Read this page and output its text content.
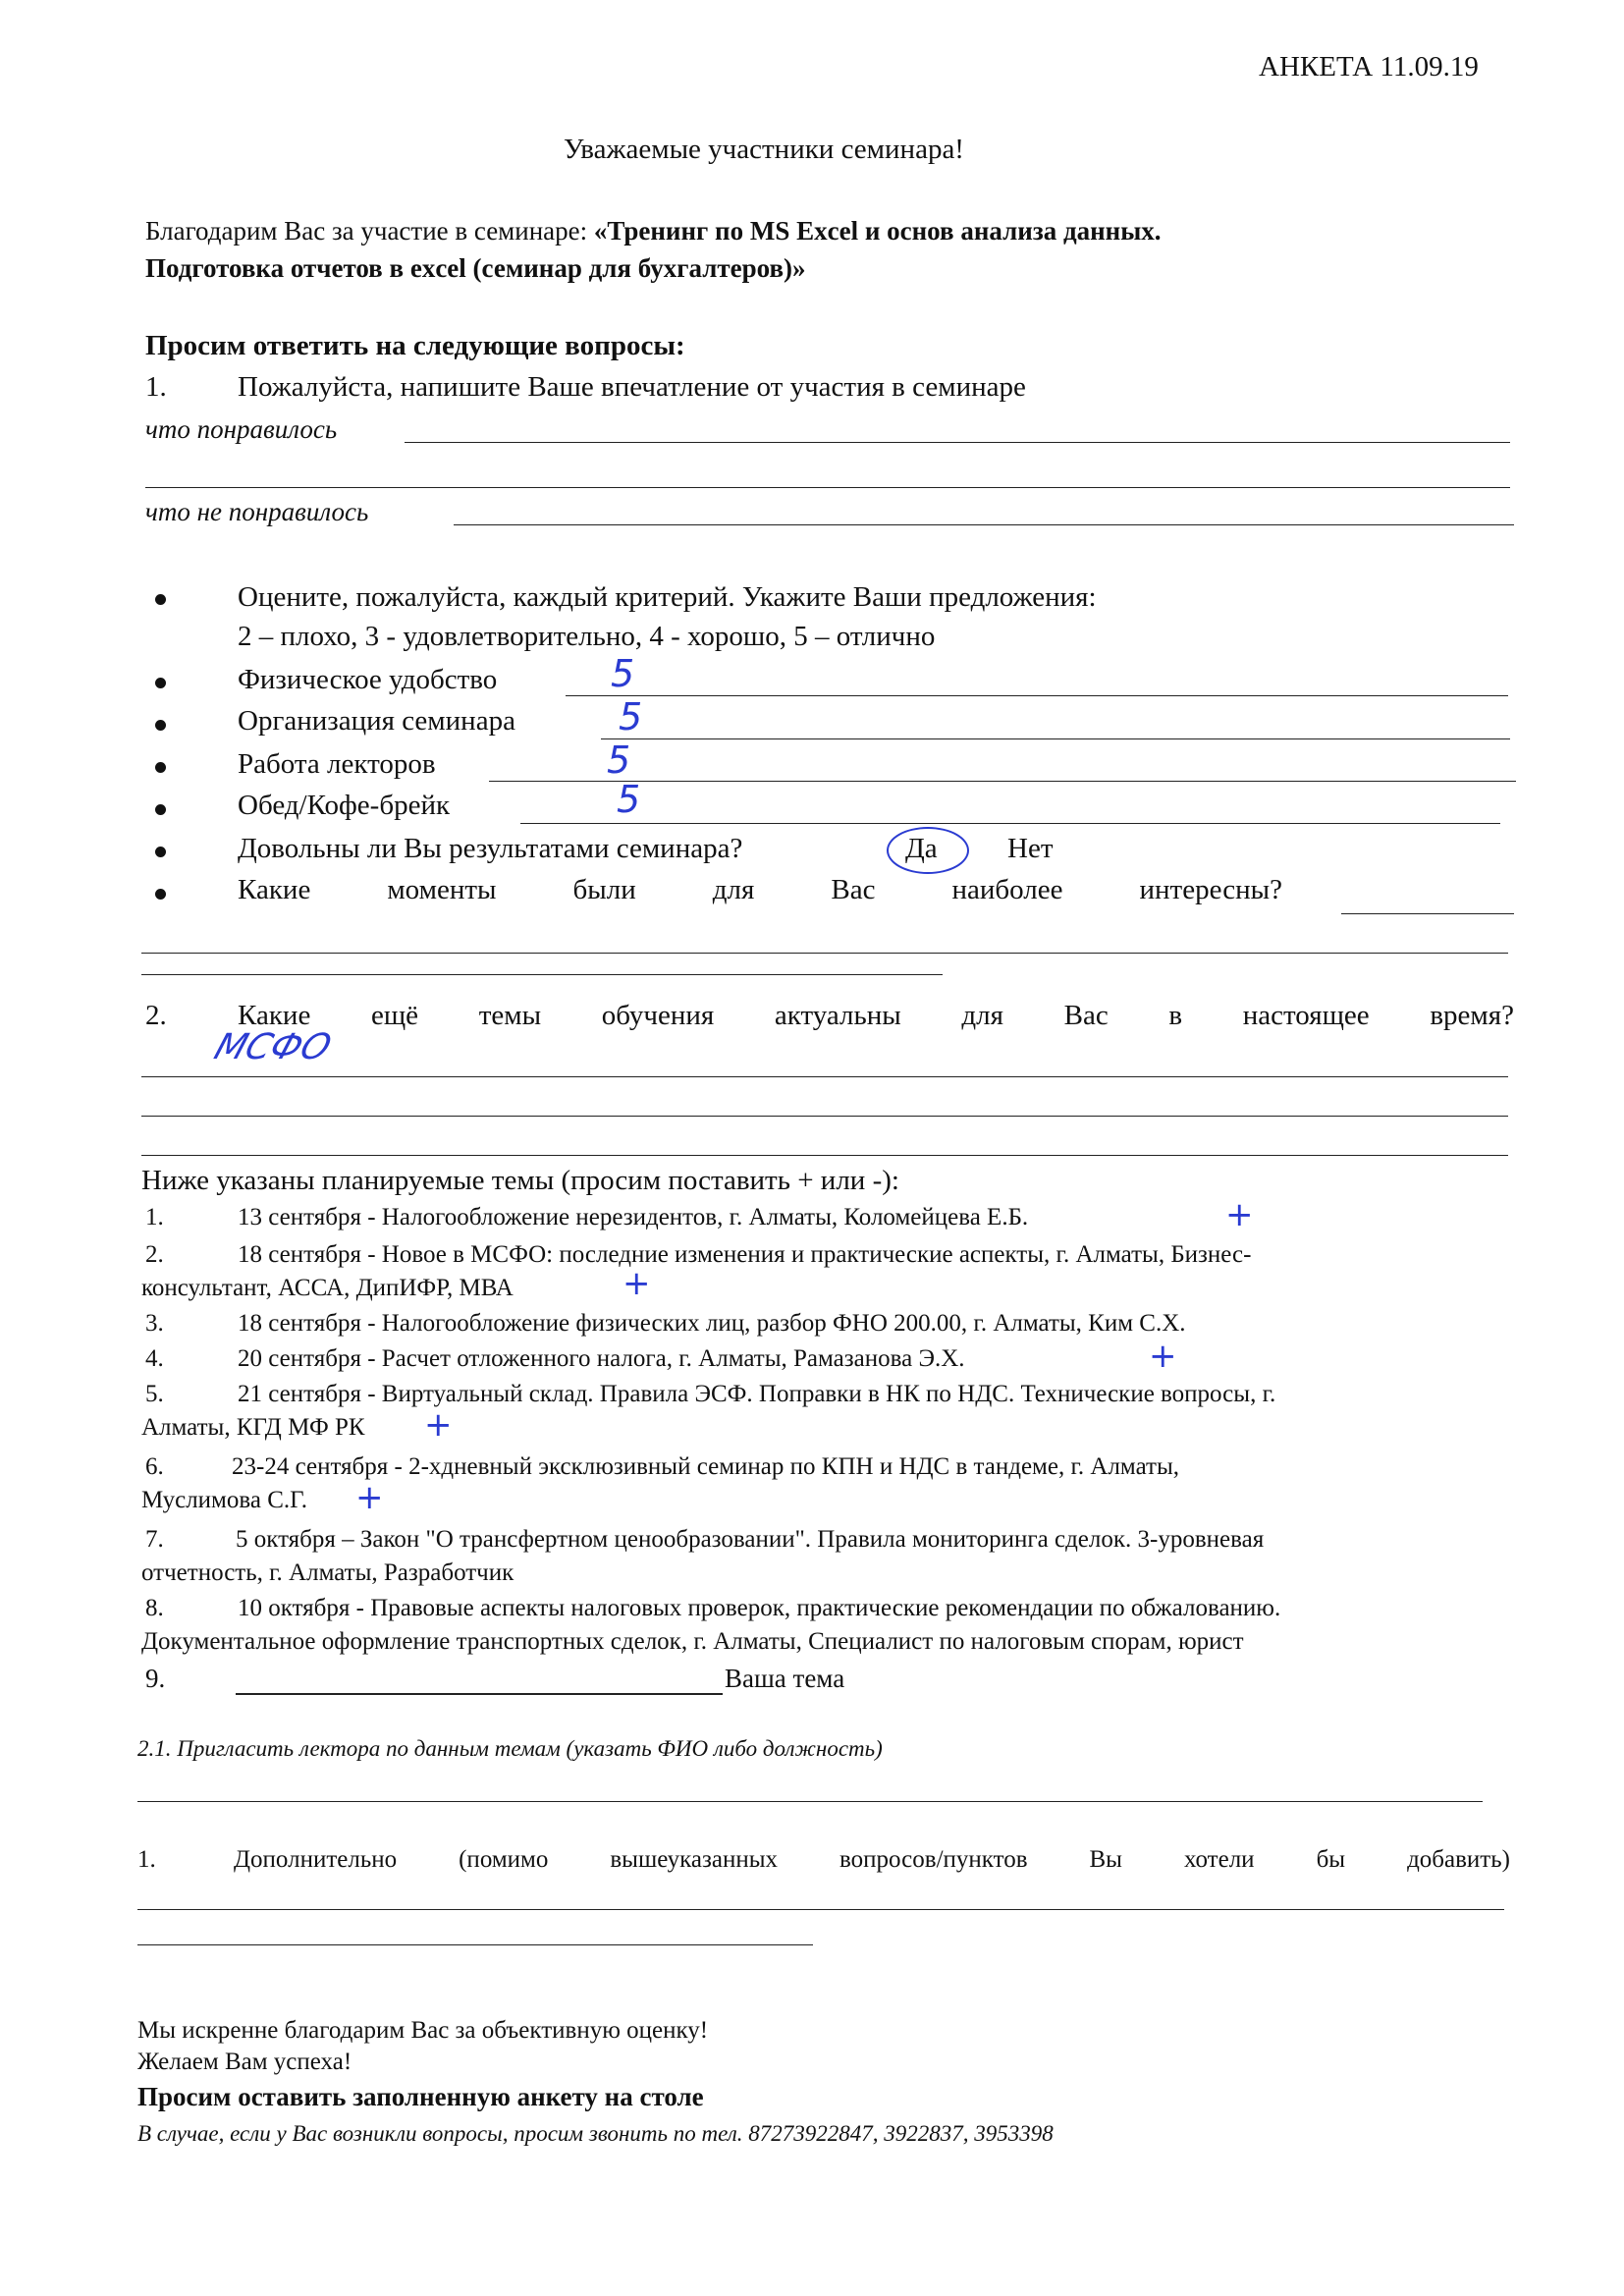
АНКЕТА 11.09.19
Уважаемые участники семинара!
Благодарим Вас за участие в семинаре: «Тренинг по MS Excel и основ анализа данных.
Подготовка отчетов в excel (семинар для бухгалтеров)»
Просим ответить на следующие вопросы:
1. Пожалуйста, напишите Ваше впечатление от участия в семинаре
что понравилось
что не понравилось
Оцените, пожалуйста, каждый критерий. Укажите Ваши предложения:
2 – плохо, 3 - удовлетворительно, 4 - хорошо, 5 – отлично
Физическое удобство	5
Организация семинара	5
Работа лекторов	5
Обед/Кофе-брейк	5
Довольны ли Вы результатами семинара?	Да Нет
Какие	моменты	были	для	Вас	наиболее	интересны?
2. Какие ещё темы обучения актуальны для Вас в настоящее время?
МСФО
Ниже указаны планируемые темы (просим поставить + или -):
1.	13 сентября - Налогообложение нерезидентов, г. Алматы, Коломейцева Е.Б.	+
2.	18 сентября - Новое в МСФО: последние изменения и практические аспекты, г. Алматы, Бизнес-
консультант, АССА, ДипИФР, МВА	+
3.	18 сентября - Налогообложение физических лиц, разбор ФНО 200.00, г. Алматы, Ким С.Х.
4.	20 сентября - Расчет отложенного налога, г. Алматы, Рамазанова Э.Х.	+
5.	21 сентября - Виртуальный склад. Правила ЭСФ. Поправки в НК по НДС. Технические вопросы, г.
Алматы, КГД МФ РК +
6.	23-24 сентября - 2-хдневный эксклюзивный семинар по КПН и НДС в тандеме, г. Алматы,
Муслимова С.Г. +
7.	5 октября – Закон "О трансфертном ценообразовании". Правила мониторинга сделок. 3-уровневая
отчетность, г. Алматы, Разработчик
8.	10 октября - Правовые аспекты налоговых проверок, практические рекомендации по обжалованию.
Документальное оформление транспортных сделок, г. Алматы, Специалист по налоговым спорам, юрист
9.	Ваша тема
2.1. Пригласить лектора по данным темам (указать ФИО либо должность)
1.	Дополнительно	(помимо	вышеуказанных	вопросов/пунктов	Вы	хотели	бы	добавить)
Мы искренне благодарим Вас за объективную оценку!
Желаем Вам успеха!
Просим оставить заполненную анкету на столе
В случае, если у Вас возникли вопросы, просим звонить по тел. 87273922847, 3922837, 3953398
